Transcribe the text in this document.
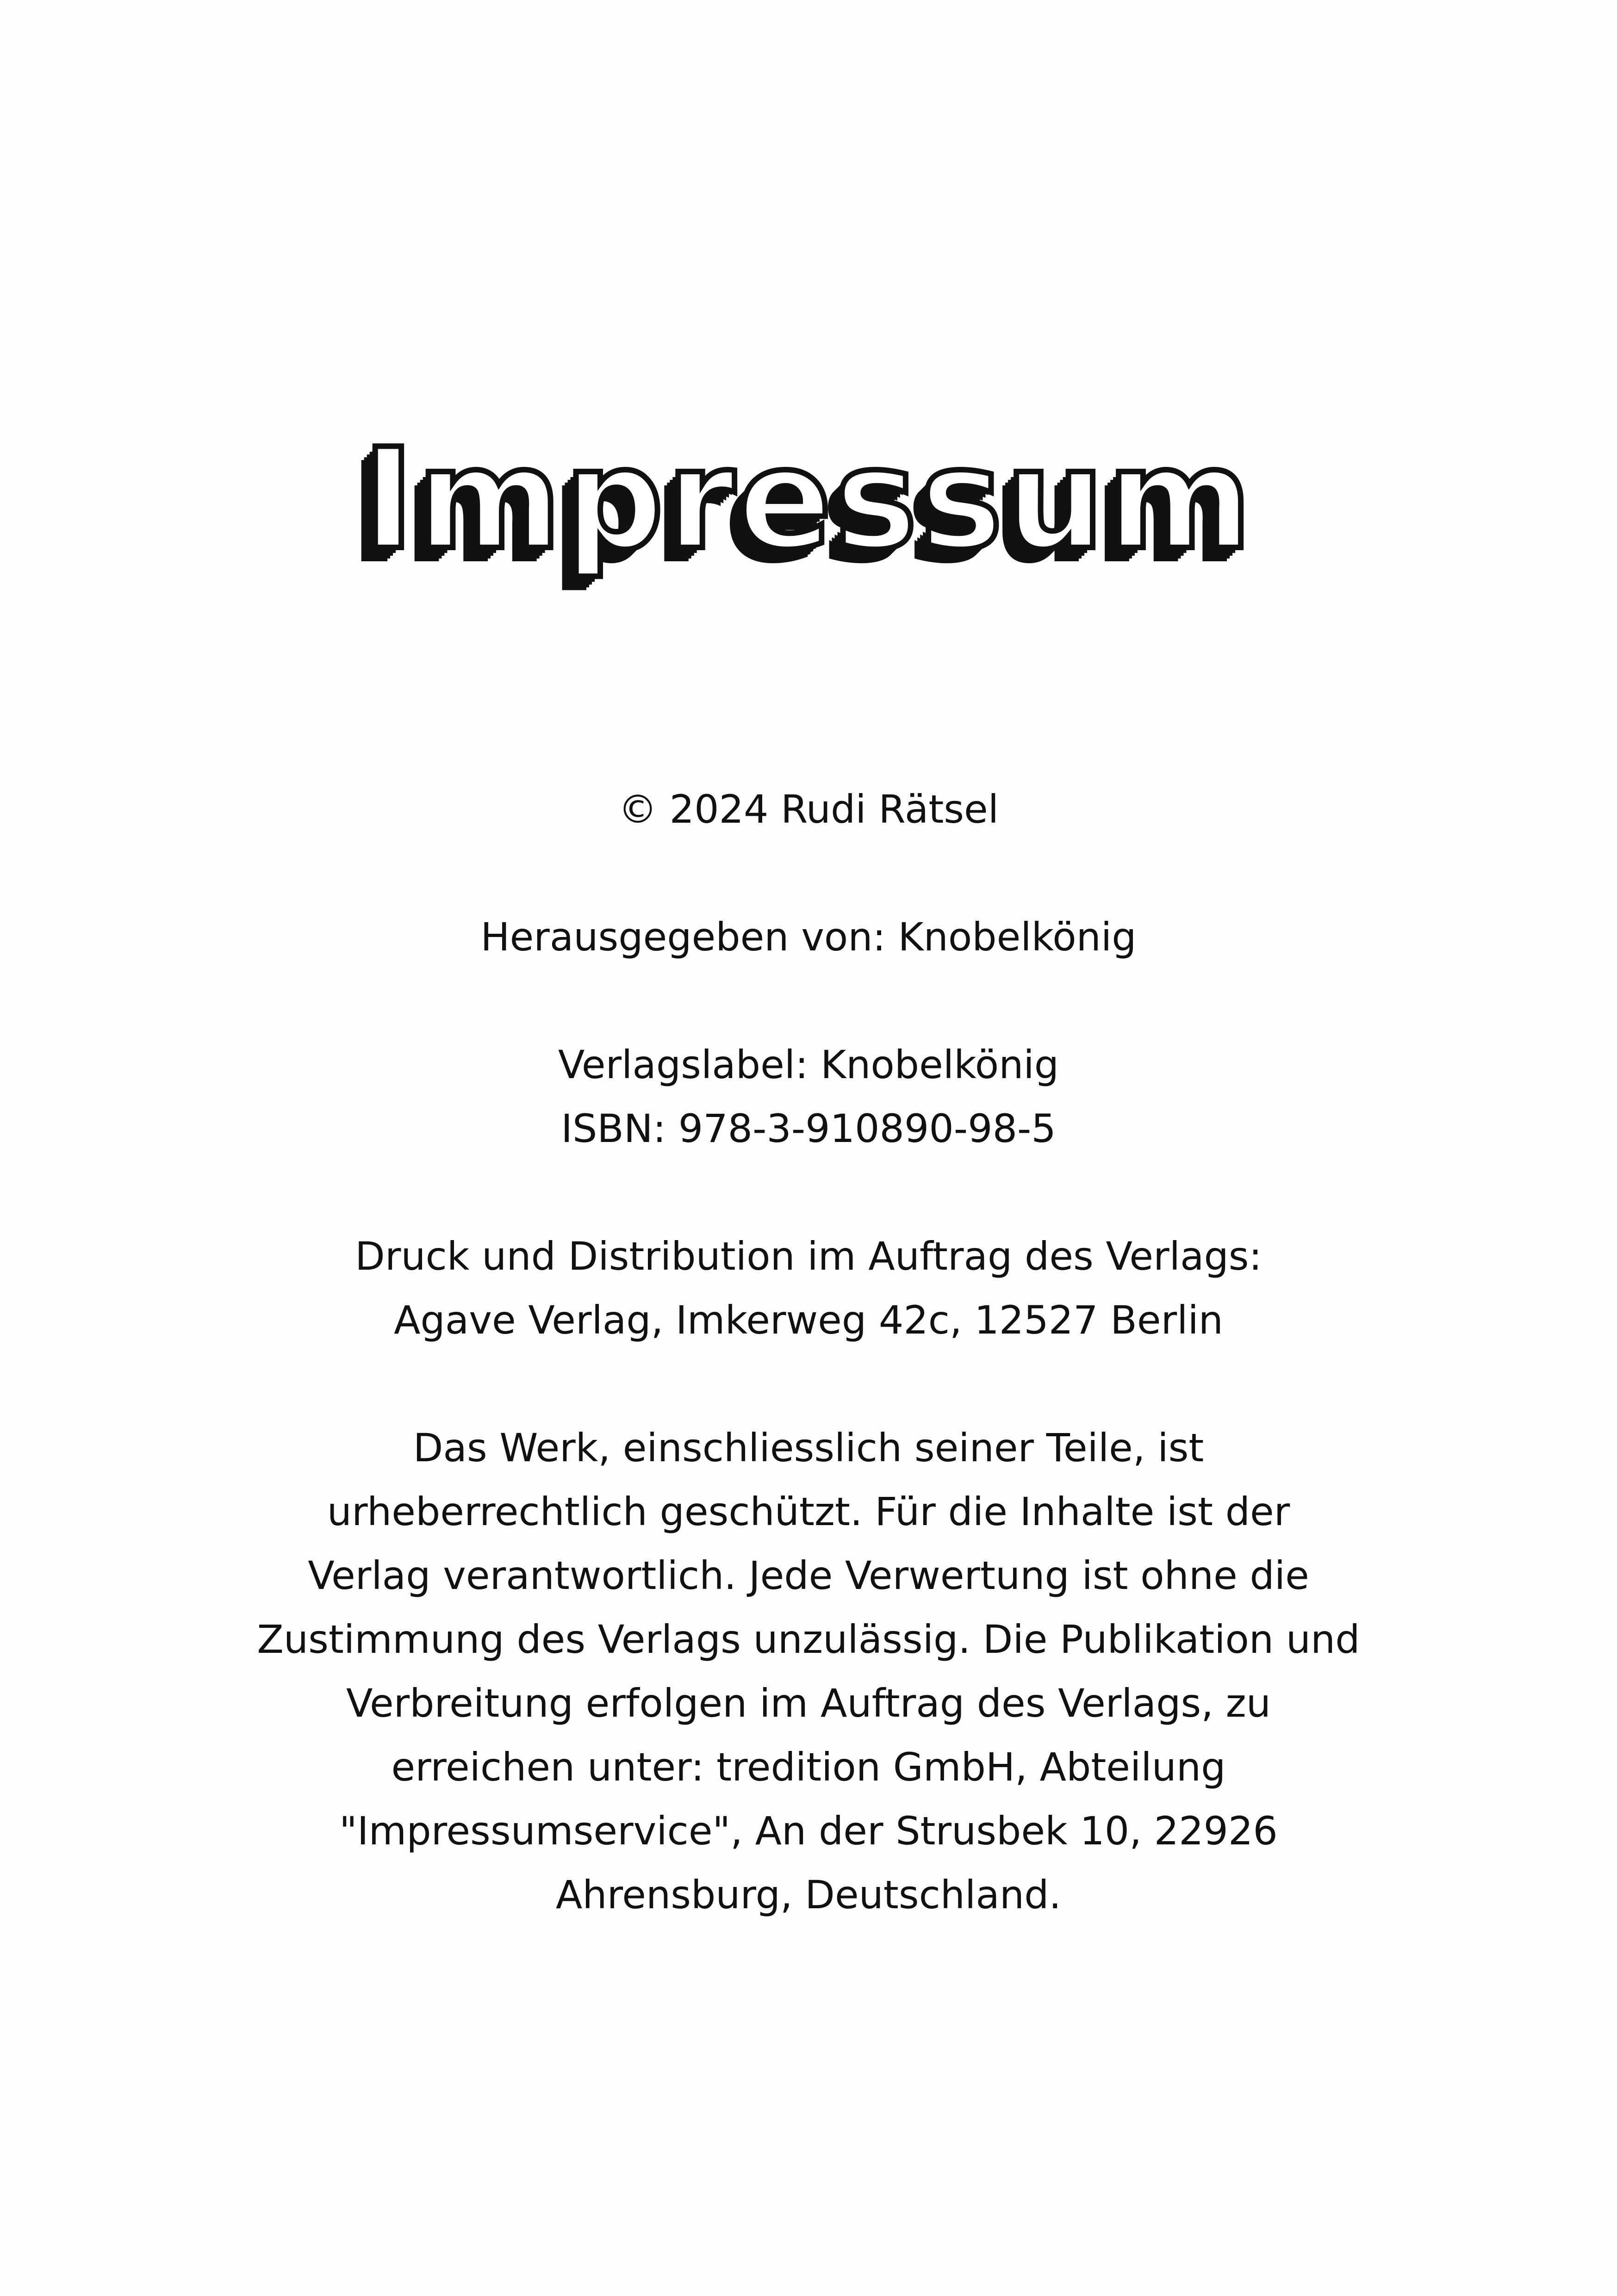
Impressum
© 2024 Rudi Rätsel
Herausgegeben von: Knobelkönig
Verlagslabel: Knobelkönig
ISBN: 978-3-910890-98-5
Druck und Distribution im Auftrag des Verlags:
Agave Verlag, Imkerweg 42c, 12527 Berlin
Das Werk, einschliesslich seiner Teile, ist
urheberrechtlich geschützt. Für die Inhalte ist der
Verlag verantwortlich. Jede Verwertung ist ohne die
Zustimmung des Verlags unzulässig. Die Publikation und
Verbreitung erfolgen im Auftrag des Verlags, zu
erreichen unter: tredition GmbH, Abteilung
"Impressumservice", An der Strusbek 10, 22926
Ahrensburg, Deutschland.
